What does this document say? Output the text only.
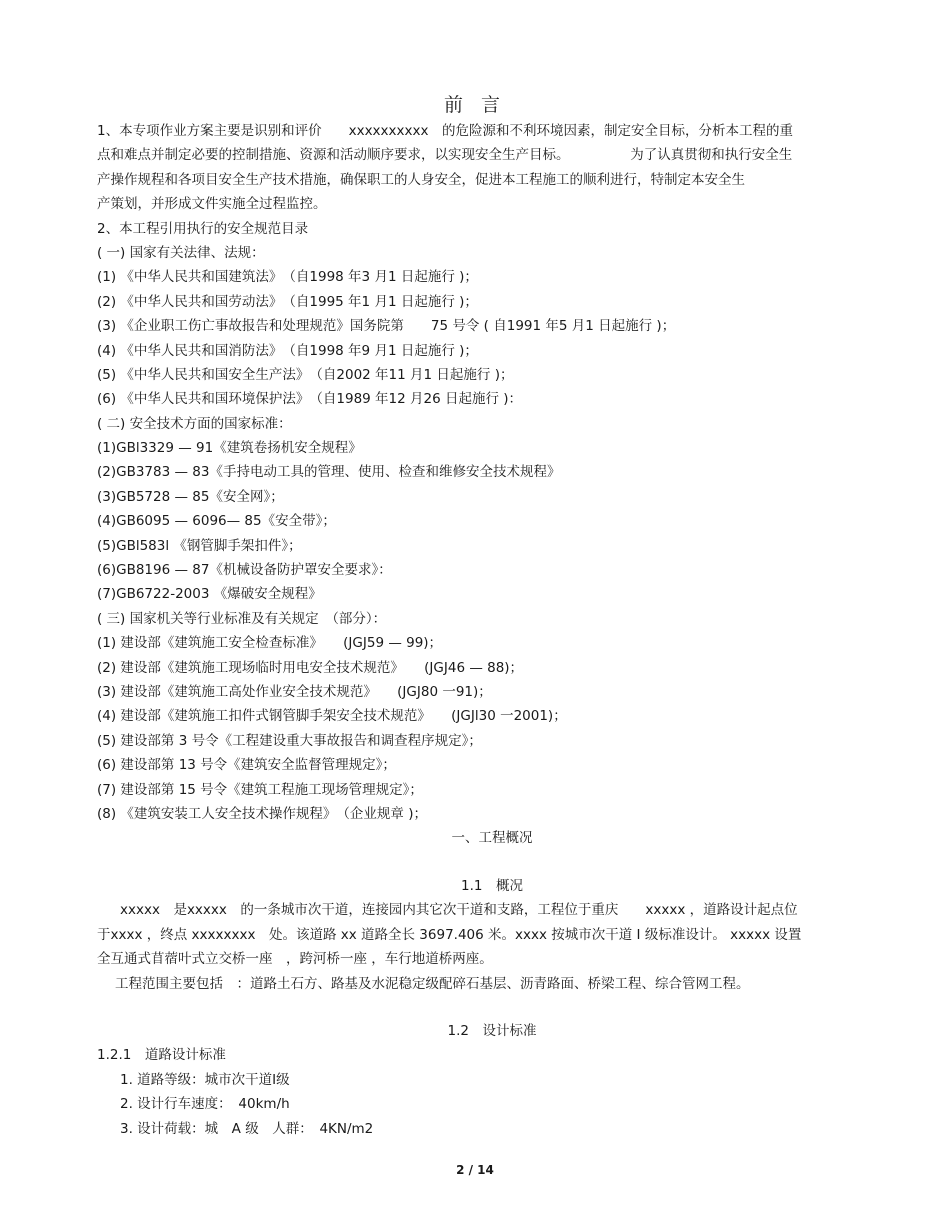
前 言
1、本专项作业方案主要是识别和评价　　xxxxxxxxxx　的危险源和不利环境因素，制定安全目标，分析本工程的重
点和难点并制定必要的控制措施、资源和活动顺序要求，以实现安全生产目标。　　　　　为了认真贯彻和执行安全生
产操作规程和各项目安全生产技术措施，确保职工的人身安全，促进本工程施工的顺利进行，特制定本安全生
产策划，并形成文件实施全过程监控。
2、本工程引用执行的安全规范目录
( 一) 国家有关法律、法规：
(1) 《中华人民共和国建筑法》　（自1998 年3 月1 日起施行 )；
(2) 《中华人民共和国劳动法》　（自1995 年1 月1 日起施行 )；
(3) 《企业职工伤亡事故报告和处理规范》国务院第　　75 号令 ( 自1991 年5 月1 日起施行 )；
(4) 《中华人民共和国消防法》　（自1998 年9 月1 日起施行 )；
(5) 《中华人民共和国安全生产法》　（自2002 年11 月1 日起施行 )；
(6) 《中华人民共和国环境保护法》　（自1989 年12 月26 日起施行 )：
( 二) 安全技术方面的国家标准：
(1)GBl3329 — 91《建筑卷扬机安全规程》
(2)GB3783 — 83《手持电动工具的管理、使用、检查和维修安全技术规程》
(3)GB5728 — 85《安全网》；
(4)GB6095 — 6096— 85《安全带》；
(5)GBl583l 《钢管脚手架扣件》；
(6)GB8196 — 87《机械设备防护罩安全要求》：
(7)GB6722-2003 《爆破安全规程》
( 三) 国家机关等行业标准及有关规定　（部分）：
(1) 建设部《建筑施工安全检查标准》　　(JGJ59 — 99)；
(2) 建设部《建筑施工现场临时用电安全技术规范》　　(JGJ46 — 88)；
(3) 建设部《建筑施工高处作业安全技术规范》　　(JGJ80 一91)；
(4) 建设部《建筑施工扣件式钢管脚手架安全技术规范》　　(JGJl30 一2001)；
(5) 建设部第 3 号令《工程建设重大事故报告和调查程序规定》；
(6) 建设部第 13 号令《建筑安全监督管理规定》；
(7) 建设部第 15 号令《建筑工程施工现场管理规定》；
(8) 《建筑安装工人安全技术操作规程》　（企业规章 )；
一、工程概况
1.1　概况
xxxxx　是xxxxx　的一条城市次干道，连接园内其它次干道和支路，工程位于重庆　　xxxxx ，道路设计起点位
于xxxx ，终点 xxxxxxxx　处。该道路 xx 道路全长 3697.406 米。xxxx 按城市次干道 Ⅰ 级标准设计。 xxxxx 设置
全互通式苜蓿叶式立交桥一座　，跨河桥一座 ，车行地道桥两座。
工程范围主要包括　：道路土石方、路基及水泥稳定级配碎石基层、沥青路面、桥梁工程、综合管网工程。
1.2　设计标准
1.2.1　道路设计标准
1. 道路等级：城市次干道Ⅰ级
2. 设计行车速度：　40km/h
3. 设计荷载：城　A 级　人群：　4KN/m2
2 / 14
